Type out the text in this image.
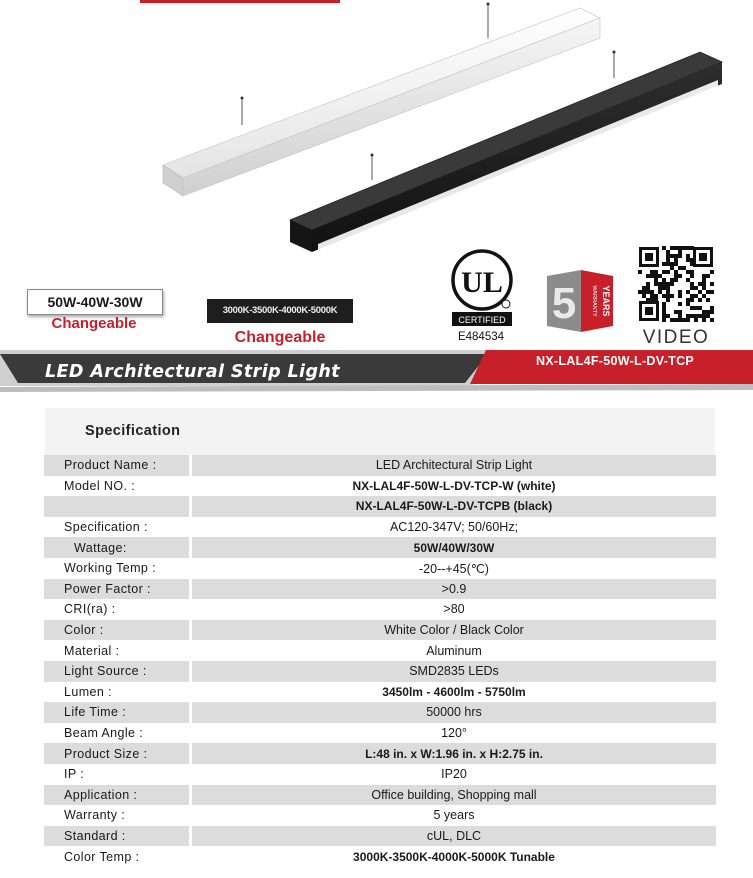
50W-40W-30W
Changeable
3000K-3500K-4000K-5000K
Changeable
UL
CERTIFIED
E484534
5	WARRANTY YEARS
VIDEO
LED Architectural Strip Light
NX-LAL4F-50W-L-DV-TCP
Specification
Product Name :	LED Architectural Strip Light
Model NO. :	NX-LAL4F-50W-L-DV-TCP-W (white)
NX-LAL4F-50W-L-DV-TCPB (black)
Specification :	AC120-347V; 50/60Hz;
Wattage:	50W/40W/30W
Working Temp :	-20--+45(℃)
Power Factor :	>0.9
CRI(ra) :	>80
Color :	White Color / Black Color
Material :	Aluminum
Light Source :	SMD2835 LEDs
Lumen :	3450lm - 4600lm - 5750lm
Life Time :	50000 hrs
Beam Angle :	120°
Product Size :	L:48 in. x W:1.96 in. x H:2.75 in.
IP :	IP20
Application :	Office building, Shopping mall
Warranty :	5 years
Standard :	cUL, DLC
Color Temp :	3000K-3500K-4000K-5000K Tunable
